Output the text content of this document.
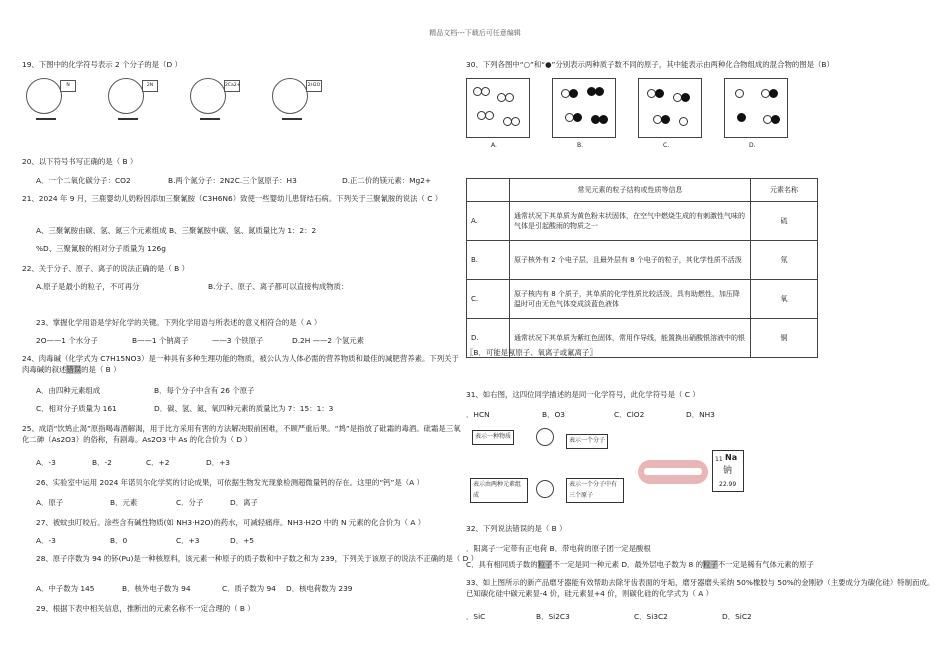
精品文档---下载后可任意编辑
19、下图中的化学符号表示 2 个分子的是（D ）
N	2N	2Ca2+	2H2O
20、以下符号书写正确的是（ B ）
A．一个二氧化碳分子：CO2	B.两个氮分子：2N2C.三个氢原子：H3	D.正二价的镁元素：Mg2+
21、2024 年 9 月，三鹿婴幼儿奶粉因添加三聚氰胺（C3H6N6）致使一些婴幼儿患肾结石病。下列关于三聚氰胺的说法（ C ）
A、三聚氰胺由碳、氢、氮三个元素组成 B、三聚氰胺中碳、氢、氮质量比为 1：2：2
%D、三聚氰胺的相对分子质量为 126g
22、关于分子、原子、离子的说法正确的是（ B ）
A.原子是最小的粒子，不可再分	B.分子、原子、离子都可以直接构成物质：
23、掌握化学用语是学好化学的关键。下列化学用语与所表述的意义相符合的是（ A ）
2O——1 个水分子	B——1 个钠离子	——3 个铁原子	D.2H ——2 个氢元素
24、肉毒碱（化学式为 C7H15NO3）是一种具有多种生理功能的物质，被公认为人体必需的营养物质和最佳的减肥营养素。下列关于肉毒碱的叙述错误的是（ B ）
A．由四种元素组成	B．每个分子中含有 26 个原子
C．相对分子质量为 161	D．碳、氢、氮、氧四种元素的质量比为 7：15：1：3
25、成语“饮鸩止渴”原指喝毒酒解渴，用于比方采用有害的方法解决眼前困难，不顾严重后果。“鸩”是指放了砒霜的毒酒。砒霜是三氧化二砷（As2O3）的俗称，有剧毒。As2O3 中 As 的化合价为（ D ）
A．-3	B．-2	C．+2	D．+3
26、实验室中运用 2024 年诺贝尔化学奖的讨论成果，可依据生物发光现象检测超微量钙的存在。这里的“钙”是（A ）
A．原子	B．元素	C．分子	D．离子
27、被蚊虫叮咬后。涂些含有碱性物质(如 NH3·H2O)的药水，可减轻痛痒。NH3·H2O 中的 N 元素的化合价为（ A ）
A．-3	B．0	C．+3	D．+5
28、原子序数为 94 的钚(Pu)是一种核原料，该元素一种原子的质子数和中子数之和为 239，下列关于该原子的说法不正确的是（ D ）
A．中子数为 145	B．核外电子数为 94	C．质子数为 94 D．核电荷数为 239
29、根据下表中相关信息，推断出的元素名称不一定合理的（ B ）
30、下列各图中“○”和“●”分别表示两种质子数不同的原子，其中能表示由两种化合物组成的混合物的图是（B）
A.	B.	C.	D.
	常见元素的粒子结构或性质等信息	元素名称
A.	通常状况下其单质为黄色粉末状固体，在空气中燃烧生成的有刺激性气味的气体是引起酸雨的物质之一	硫
B.	原子核外有 2 个电子层，且最外层有 8 个电子的粒子，其化学性质不活泼	氖
C.	原子核内有 8 个质子，其单质的化学性质比较活泼，具有助燃性，加压降温时可由无色气体变成淡蓝色液体	氧
D.	通常状况下其单质为紫红色固体，常用作导线，能置换出硝酸银溶液中的银	铜
〖B．可能是氖原子、氧离子或氟离子〗
31、如右图，这四位同学描述的是同一化学符号，此化学符号是（ C ）
．HCN	B．O3	C．ClO2	D．NH3
表示一种物质
表示一个分子
表示由两种元素组成
表示一个分子中有三个原子
11 Na
钠
22.99
32、下列说法错误的是（ B ）
．阳离子一定带有正电荷 B．带电荷的原子团一定是酸根
C．具有相同质子数的粒子不一定是同一种元素 D．最外层电子数为 8 的粒子不一定是稀有气体元素的原子
33、如上图所示的新产品磨牙器能有效帮助去除牙齿表面的牙垢，磨牙器磨头采纳 50%橡胶与 50%的金刚砂（主要成分为碳化硅）特制而成。已知碳化硅中碳元素显-4 价，硅元素显+4 价，则碳化硅的化学式为（ A ）
．SiC	B．Si2C3	C．Si3C2	D．SiC2
